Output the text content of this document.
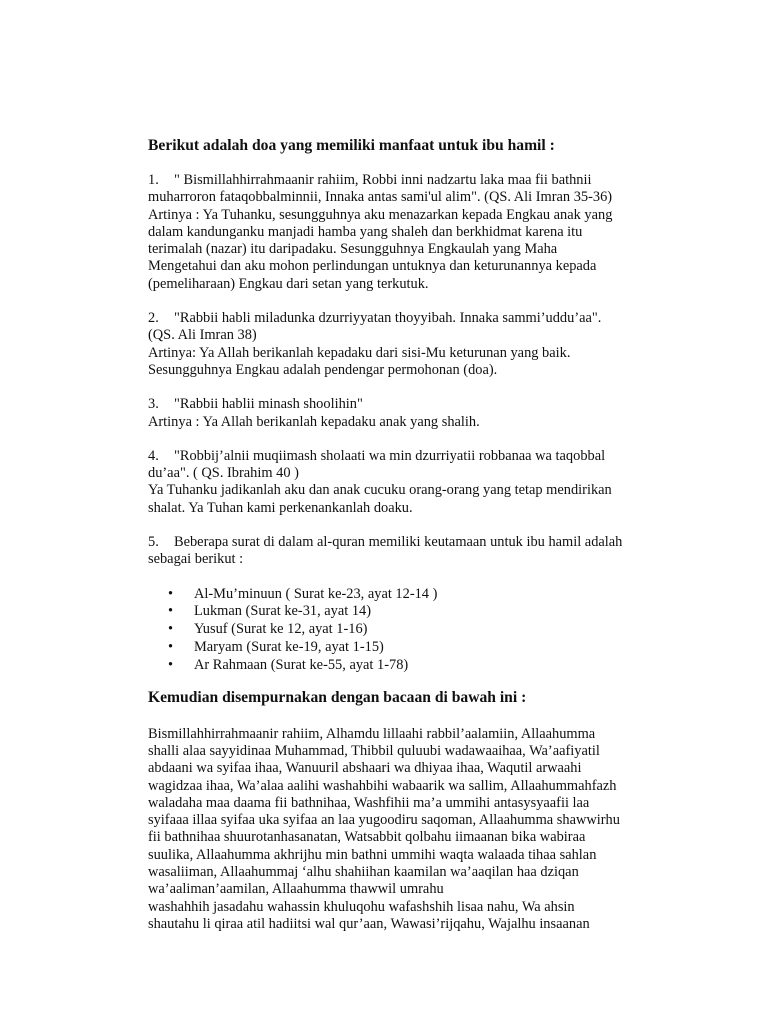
Berikut adalah doa yang memiliki manfaat untuk ibu hamil :

1. " Bismillahhirrahmaanir rahiim, Robbi inni nadzartu laka maa fii bathnii

muharroron fataqobbalminnii, Innaka antas sami'ul alim". (QS. Ali Imran 35-36)

Artinya : Ya Tuhanku, sesungguhnya aku menazarkan kepada Engkau anak yang

dalam kandunganku manjadi hamba yang shaleh dan berkhidmat karena itu

terimalah (nazar) itu daripadaku. Sesungguhnya Engkaulah yang Maha

Mengetahui dan aku mohon perlindungan untuknya dan keturunannya kepada

(pemeliharaan) Engkau dari setan yang terkutuk.

2. "Rabbii habli miladunka dzurriyyatan thoyyibah. Innaka sammi’uddu’aa".

(QS. Ali Imran 38)

Artinya: Ya Allah berikanlah kepadaku dari sisi-Mu keturunan yang baik.

Sesungguhnya Engkau adalah pendengar permohonan (doa).

3. "Rabbii hablii minash shoolihin"

Artinya : Ya Allah berikanlah kepadaku anak yang shalih.

4. "Robbij’alnii muqiimash sholaati wa min dzurriyatii robbanaa wa taqobbal

du’aa". ( QS. Ibrahim 40 )

Ya Tuhanku jadikanlah aku dan anak cucuku orang-orang yang tetap mendirikan

shalat. Ya Tuhan kami perkenankanlah doaku.

5. Beberapa surat di dalam al-quran memiliki keutamaan untuk ibu hamil adalah

sebagai berikut :

• Al-Mu’minuun ( Surat ke-23, ayat 12-14 )
• Lukman (Surat ke-31, ayat 14)
• Yusuf (Surat ke 12, ayat 1-16)
• Maryam (Surat ke-19, ayat 1-15)
• Ar Rahmaan (Surat ke-55, ayat 1-78)

Kemudian disempurnakan dengan bacaan di bawah ini :

Bismillahhirrahmaanir rahiim, Alhamdu lillaahi rabbil’aalamiin, Allaahumma

shalli alaa sayyidinaa Muhammad, Thibbil quluubi wadawaaihaa, Wa’aafiyatil

abdaani wa syifaa ihaa, Wanuuril abshaari wa dhiyaa ihaa, Waqutil arwaahi

wagidzaa ihaa, Wa’alaa aalihi washahbihi wabaarik wa sallim, Allaahummahfazh

waladaha maa daama fii bathnihaa, Washfihii ma’a ummihi antasysyaafii laa

syifaaa illaa syifaa uka syifaa an laa yugoodiru saqoman, Allaahumma shawwirhu

fii bathnihaa shuurotanhasanatan, Watsabbit qolbahu iimaanan bika wabiraa

suulika, Allaahumma akhrijhu min bathni ummihi waqta walaada tihaa sahlan

wasaliiman, Allaahummaj ‘alhu shahiihan kaamilan wa’aaqilan haa dziqan

wa’aaliman’aamilan, Allaahumma thawwil umrahu

washahhih jasadahu wahassin khuluqohu wafashshih lisaa nahu, Wa ahsin

shautahu li qiraa atil hadiitsi wal qur’aan, Wawasi’rijqahu, Wajalhu insaanan
